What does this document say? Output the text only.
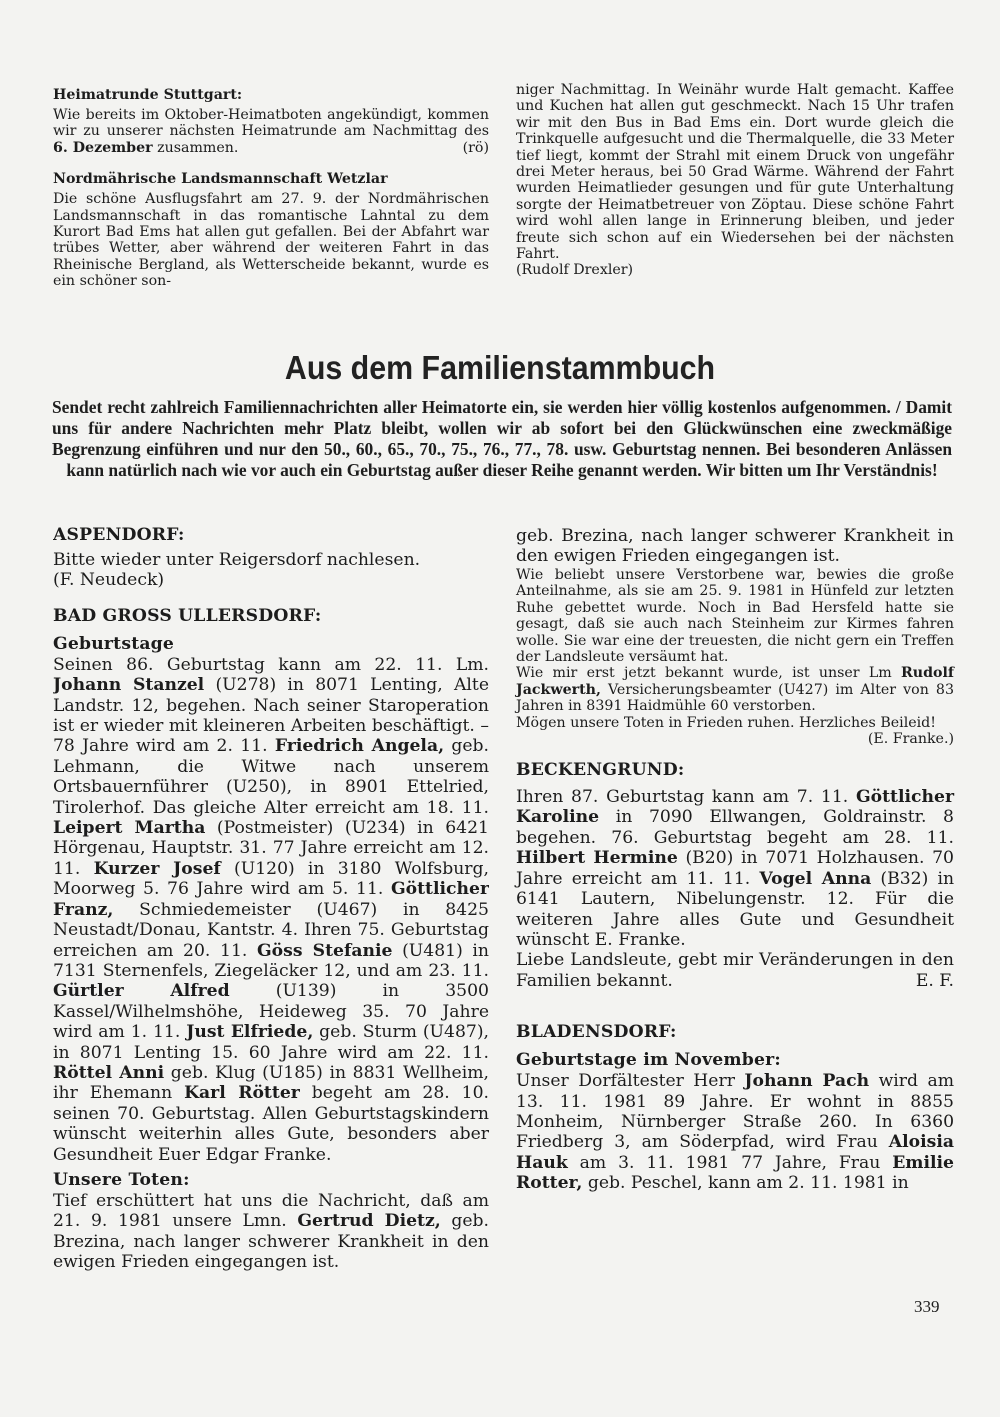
Heimatrunde Stuttgart:

Wie bereits im Oktober-Heimatboten angekündigt, kommen wir zu unserer nächsten Heimatrunde am Nachmittag des 6. Dezember zusammen.	(rö)

Nordmährische Landsmannschaft Wetzlar

Die schöne Ausflugsfahrt am 27. 9. der Nordmährischen Landsmannschaft in das romantische Lahntal zu dem Kurort Bad Ems hat allen gut gefallen. Bei der Abfahrt war trübes Wetter, aber während der weiteren Fahrt in das Rheinische Bergland, als Wetterscheide bekannt, wurde es ein schöner son-

niger Nachmittag. In Weinähr wurde Halt gemacht. Kaffee und Kuchen hat allen gut geschmeckt. Nach 15 Uhr trafen wir mit den Bus in Bad Ems ein. Dort wurde gleich die Trinkquelle aufgesucht und die Thermalquelle, die 33 Meter tief liegt, kommt der Strahl mit einem Druck von ungefähr drei Meter heraus, bei 50 Grad Wärme. Während der Fahrt wurden Heimatlieder gesungen und für gute Unterhaltung sorgte der Heimatbetreuer von Zöptau. Diese schöne Fahrt wird wohl allen lange in Erinnerung bleiben, und jeder freute sich schon auf ein Wiedersehen bei der nächsten Fahrt.

(Rudolf Drexler)

Aus dem Familienstammbuch
Sendet recht zahlreich Familiennachrichten aller Heimatorte ein, sie werden hier völlig kostenlos aufgenommen. / Damit uns für andere Nachrichten mehr Platz bleibt, wollen wir ab sofort bei den Glückwünschen eine zweckmäßige Begrenzung einführen und nur den 50., 60., 65., 70., 75., 76., 77., 78. usw. Geburtstag nennen. Bei besonderen Anlässen kann natürlich nach wie vor auch ein Geburtstag außer dieser Reihe genannt werden. Wir bitten um Ihr Verständnis!
ASPENDORF:

Bitte wieder unter Reigersdorf nachlesen.

(F. Neudeck)

BAD GROSS ULLERSDORF:
Geburtstage

Seinen 86. Geburtstag kann am 22. 11. Lm. Johann Stanzel (U278) in 8071 Lenting, Alte Landstr. 12, begehen. Nach seiner Staroperation ist er wieder mit kleineren Arbeiten beschäftigt. – 78 Jahre wird am 2. 11. Friedrich Angela, geb. Lehmann, die Witwe nach unserem Ortsbauernführer (U250), in 8901 Ettelried, Tirolerhof. Das gleiche Alter erreicht am 18. 11. Leipert Martha (Postmeister) (U234) in 6421 Hörgenau, Hauptstr. 31. 77 Jahre erreicht am 12. 11. Kurzer Josef (U120) in 3180 Wolfsburg, Moorweg 5. 76 Jahre wird am 5. 11. Göttlicher Franz, Schmiedemeister (U467) in 8425 Neustadt/Donau, Kantstr. 4. Ihren 75. Geburtstag erreichen am 20. 11. Göss Stefanie (U481) in 7131 Sternenfels, Ziegeläcker 12, und am 23. 11. Gürtler Alfred (U139) in 3500 Kassel/Wilhelmshöhe, Heideweg 35. 70 Jahre wird am 1. 11. Just Elfriede, geb. Sturm (U487), in 8071 Lenting 15. 60 Jahre wird am 22. 11. Röttel Anni geb. Klug (U185) in 8831 Wellheim, ihr Ehemann Karl Rötter begeht am 28. 10. seinen 70. Geburtstag. Allen Geburtstagskindern wünscht weiterhin alles Gute, besonders aber Gesundheit Euer Edgar Franke.

Unsere Toten:

Tief erschüttert hat uns die Nachricht, daß am 21. 9. 1981 unsere Lmn. Gertrud Dietz, geb. Brezina, nach langer schwerer Krankheit in den ewigen Frieden eingegangen ist.

geb. Brezina, nach langer schwerer Krankheit in den ewigen Frieden eingegangen ist.

Wie beliebt unsere Verstorbene war, bewies die große Anteilnahme, als sie am 25. 9. 1981 in Hünfeld zur letzten Ruhe gebettet wurde. Noch in Bad Hersfeld hatte sie gesagt, daß sie auch nach Steinheim zur Kirmes fahren wolle. Sie war eine der treuesten, die nicht gern ein Treffen der Landsleute versäumt hat.

Wie mir erst jetzt bekannt wurde, ist unser Lm Rudolf Jackwerth, Versicherungsbeamter (U427) im Alter von 83 Jahren in 8391 Haidmühle 60 verstorben.

Mögen unsere Toten in Frieden ruhen. Herzliches Beileid!
(E. Franke.)

BECKENGRUND:

Ihren 87. Geburtstag kann am 7. 11. Göttlicher Karoline in 7090 Ellwangen, Goldrainstr. 8 begehen. 76. Geburtstag begeht am 28. 11. Hilbert Hermine (B20) in 7071 Holzhausen. 70 Jahre erreicht am 11. 11. Vogel Anna (B32) in 6141 Lautern, Nibelungenstr. 12. Für die weiteren Jahre alles Gute und Gesundheit wünscht E. Franke.

Liebe Landsleute, gebt mir Veränderungen in den Familien bekannt.	E. F.

BLADENSDORF:
Geburtstage im November:

Unser Dorfältester Herr Johann Pach wird am 13. 11. 1981 89 Jahre. Er wohnt in 8855 Monheim, Nürnberger Straße 260. In 6360 Friedberg 3, am Söderpfad, wird Frau Aloisia Hauk am 3. 11. 1981 77 Jahre, Frau Emilie Rotter, geb. Peschel, kann am 2. 11. 1981 in

339
